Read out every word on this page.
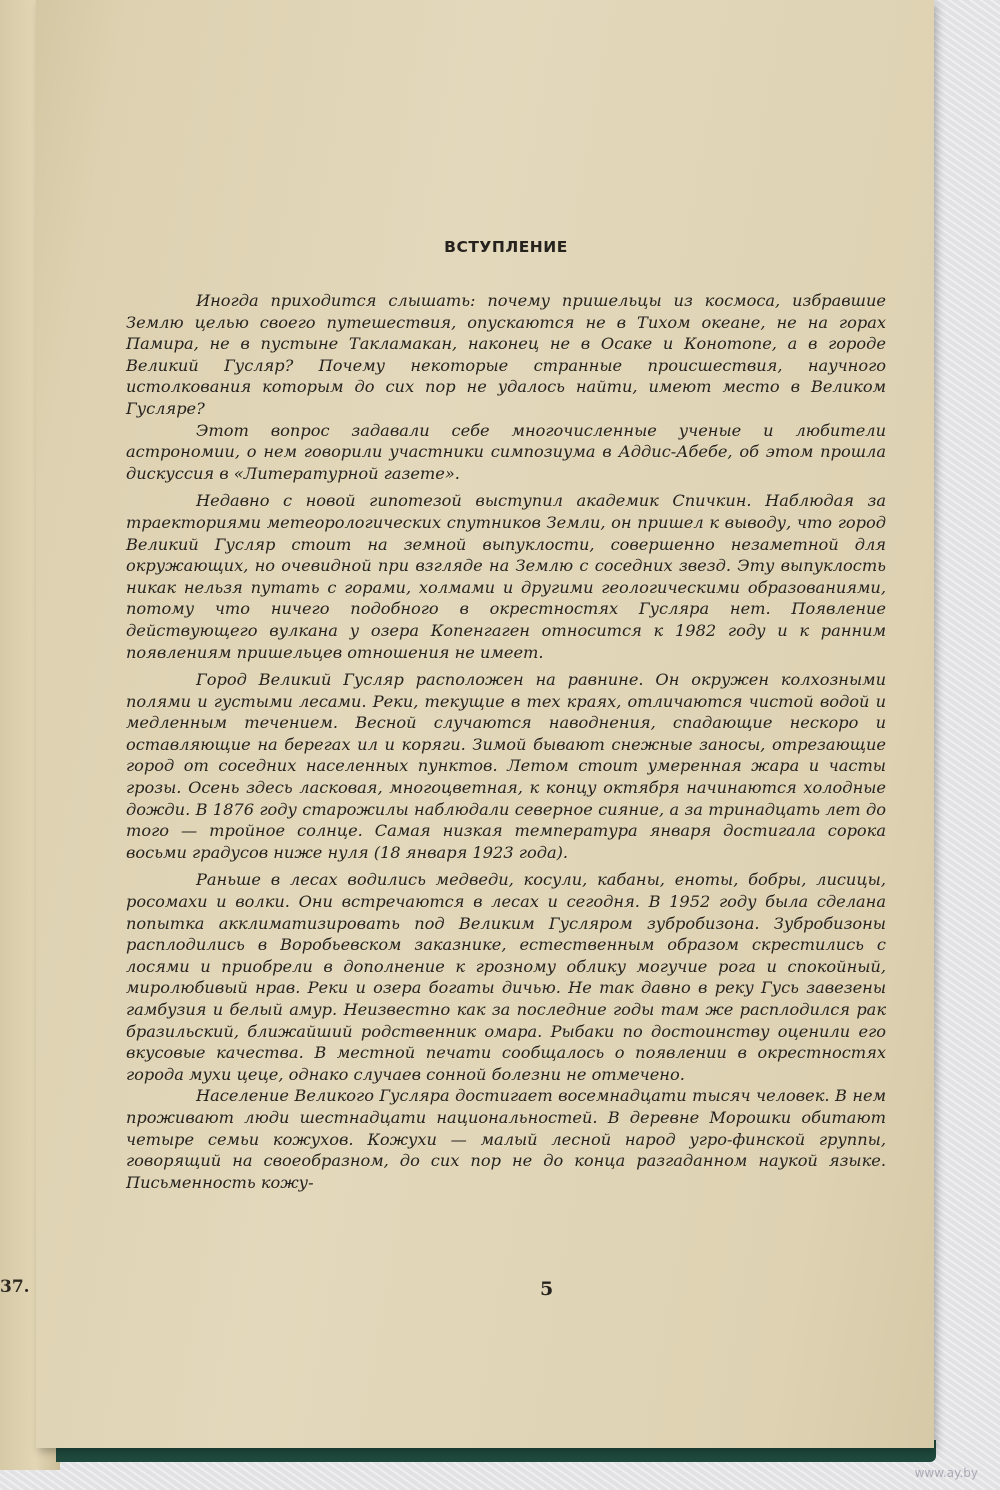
37.
ВСТУПЛЕНИЕ

Иногда приходится слышать: почему пришельцы из космоса, избравшие Землю целью своего путешествия, опускаются не в Тихом океане, не на горах Памира, не в пустыне Такламакан, наконец не в Осаке и Конотопе, а в городе Великий Гусляр? Почему некоторые странные происшествия, научного истолкования которым до сих пор не удалось найти, имеют место в Великом Гусляре?

Этот вопрос задавали себе многочисленные ученые и любители астрономии, о нем говорили участники симпозиума в Аддис-Абебе, об этом прошла дискуссия в «Литературной газете».

Недавно с новой гипотезой выступил академик Спичкин. Наблюдая за траекториями метеорологических спутников Земли, он пришел к выводу, что город Великий Гусляр стоит на земной выпуклости, совершенно незаметной для окружающих, но очевидной при взгляде на Землю с соседних звезд. Эту выпуклость никак нельзя путать с горами, холмами и другими геологическими образованиями, потому что ничего подобного в окрестностях Гусляра нет. Появление действующего вулкана у озера Копенгаген относится к 1982 году и к ранним появлениям пришельцев отношения не имеет.

Город Великий Гусляр расположен на равнине. Он окружен колхозными полями и густыми лесами. Реки, текущие в тех краях, отличаются чистой водой и медленным течением. Весной случаются наводнения, спадающие нескоро и оставляющие на берегах ил и коряги. Зимой бывают снежные заносы, отрезающие город от соседних населенных пунктов. Летом стоит умеренная жара и часты грозы. Осень здесь ласковая, многоцветная, к концу октября начинаются холодные дожди. В 1876 году старожилы наблюдали северное сияние, а за тринадцать лет до того — тройное солнце. Самая низкая температура января достигала сорока восьми градусов ниже нуля (18 января 1923 года).

Раньше в лесах водились медведи, косули, кабаны, еноты, бобры, лисицы, росомахи и волки. Они встречаются в лесах и сегодня. В 1952 году была сделана попытка акклиматизировать под Великим Гусляром зубробизона. Зубробизоны расплодились в Воробьевском заказнике, естественным образом скрестились с лосями и приобрели в дополнение к грозному облику могучие рога и спокойный, миролюбивый нрав. Реки и озера богаты дичью. Не так давно в реку Гусь завезены гамбузия и белый амур. Неизвестно как за последние годы там же расплодился рак бразильский, ближайший родственник омара. Рыбаки по достоинству оценили его вкусовые качества. В местной печати сообщалось о появлении в окрестностях города мухи цеце, однако случаев сонной болезни не отмечено.

Население Великого Гусляра достигает восемнадцати тысяч человек. В нем проживают люди шестнадцати национальностей. В деревне Морошки обитают четыре семьи кожухов. Кожухи — малый лесной народ угро-финской группы, говорящий на своеобразном, до сих пор не до конца разгаданном наукой языке. Письменность кожу-

5
www.ay.by
